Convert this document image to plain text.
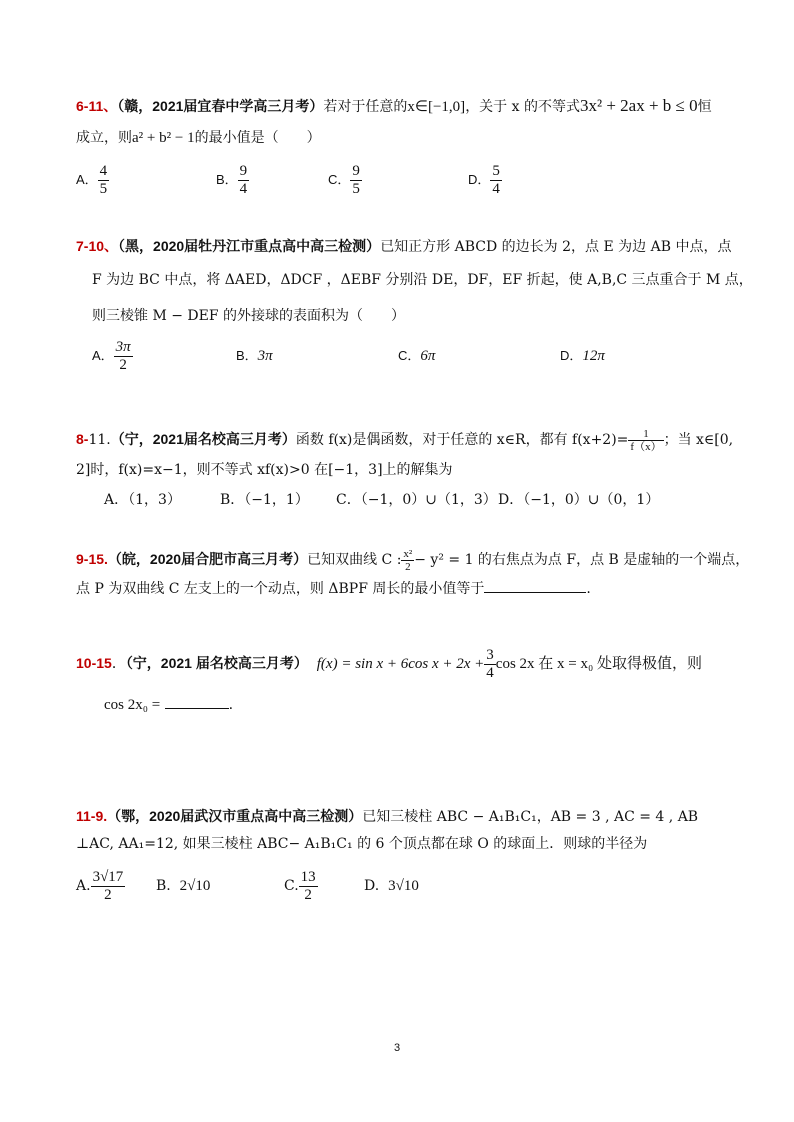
6-11、（赣，2021届宜春中学高三月考）若对于任意的x∈[−1,0]，关于 x 的不等式3x² + 2ax + b ≤ 0恒
成立，则a² + b² − 1的最小值是（　　）
A． $\frac{4}{5}$	B． $\frac{9}{4}$	C． $\frac{9}{5}$	D． $\frac{5}{4}$
7-10、（黑，2020届牡丹江市重点高中高三检测）已知正方形 ABCD 的边长为 2，点 E 为边 AB 中点，点
F 为边 BC 中点，将 ΔAED，ΔDCF ，ΔEBF 分别沿 DE，DF，EF 折起，使 A,B,C 三点重合于 M 点，
则三棱锥 M − DEF 的外接球的表面积为（　　）
A． $\frac{3\pi}{2}$	B．3π	C．6π	D．12π
8-11.（宁，2021届名校高三月考）函数 f(x)是偶函数，对于任意的 x∈R，都有 $f(x+2)= \frac{1}{f(x)}$ ；当 x∈[0,
2]时，f(x)=x−1，则不等式 xf(x)>0 在[−1，3]上的解集为
A．（1，3）	B．（−1，1） C．（−1，0）∪（1，3） D．（−1，0）∪（0，1）
9-15.（皖，2020届合肥市高三月考）已知双曲线 C : $\frac{\text{x²}}{2} - y^2 = 1$ 的右焦点为点 F，点 B 是虚轴的一个端点，
点 P 为双曲线 C 左支上的一个动点，则 ΔBPF 周长的最小值等于	.
10-15．（宁，2021 届名校高三月考） f(x) = sin x + 6cos $x + 2x + \frac{3}{4}$ cos 2x 在 x = x₀ 处取得极值，则
cos 2x₀ =	.
11-9.（鄂，2020届武汉市重点高中高三检测）已知三棱柱 ABC − A₁B₁C₁，AB = 3 , AC = 4 , AB
⊥AC, AA₁=12, 如果三棱柱 ABC− A₁B₁C₁ 的 6 个顶点都在球 O 的球面上．则球的半径为
A. $\frac{3√17}{2} B$. 2√10	C. $\frac{13}{2}$	D. 3√10
3
